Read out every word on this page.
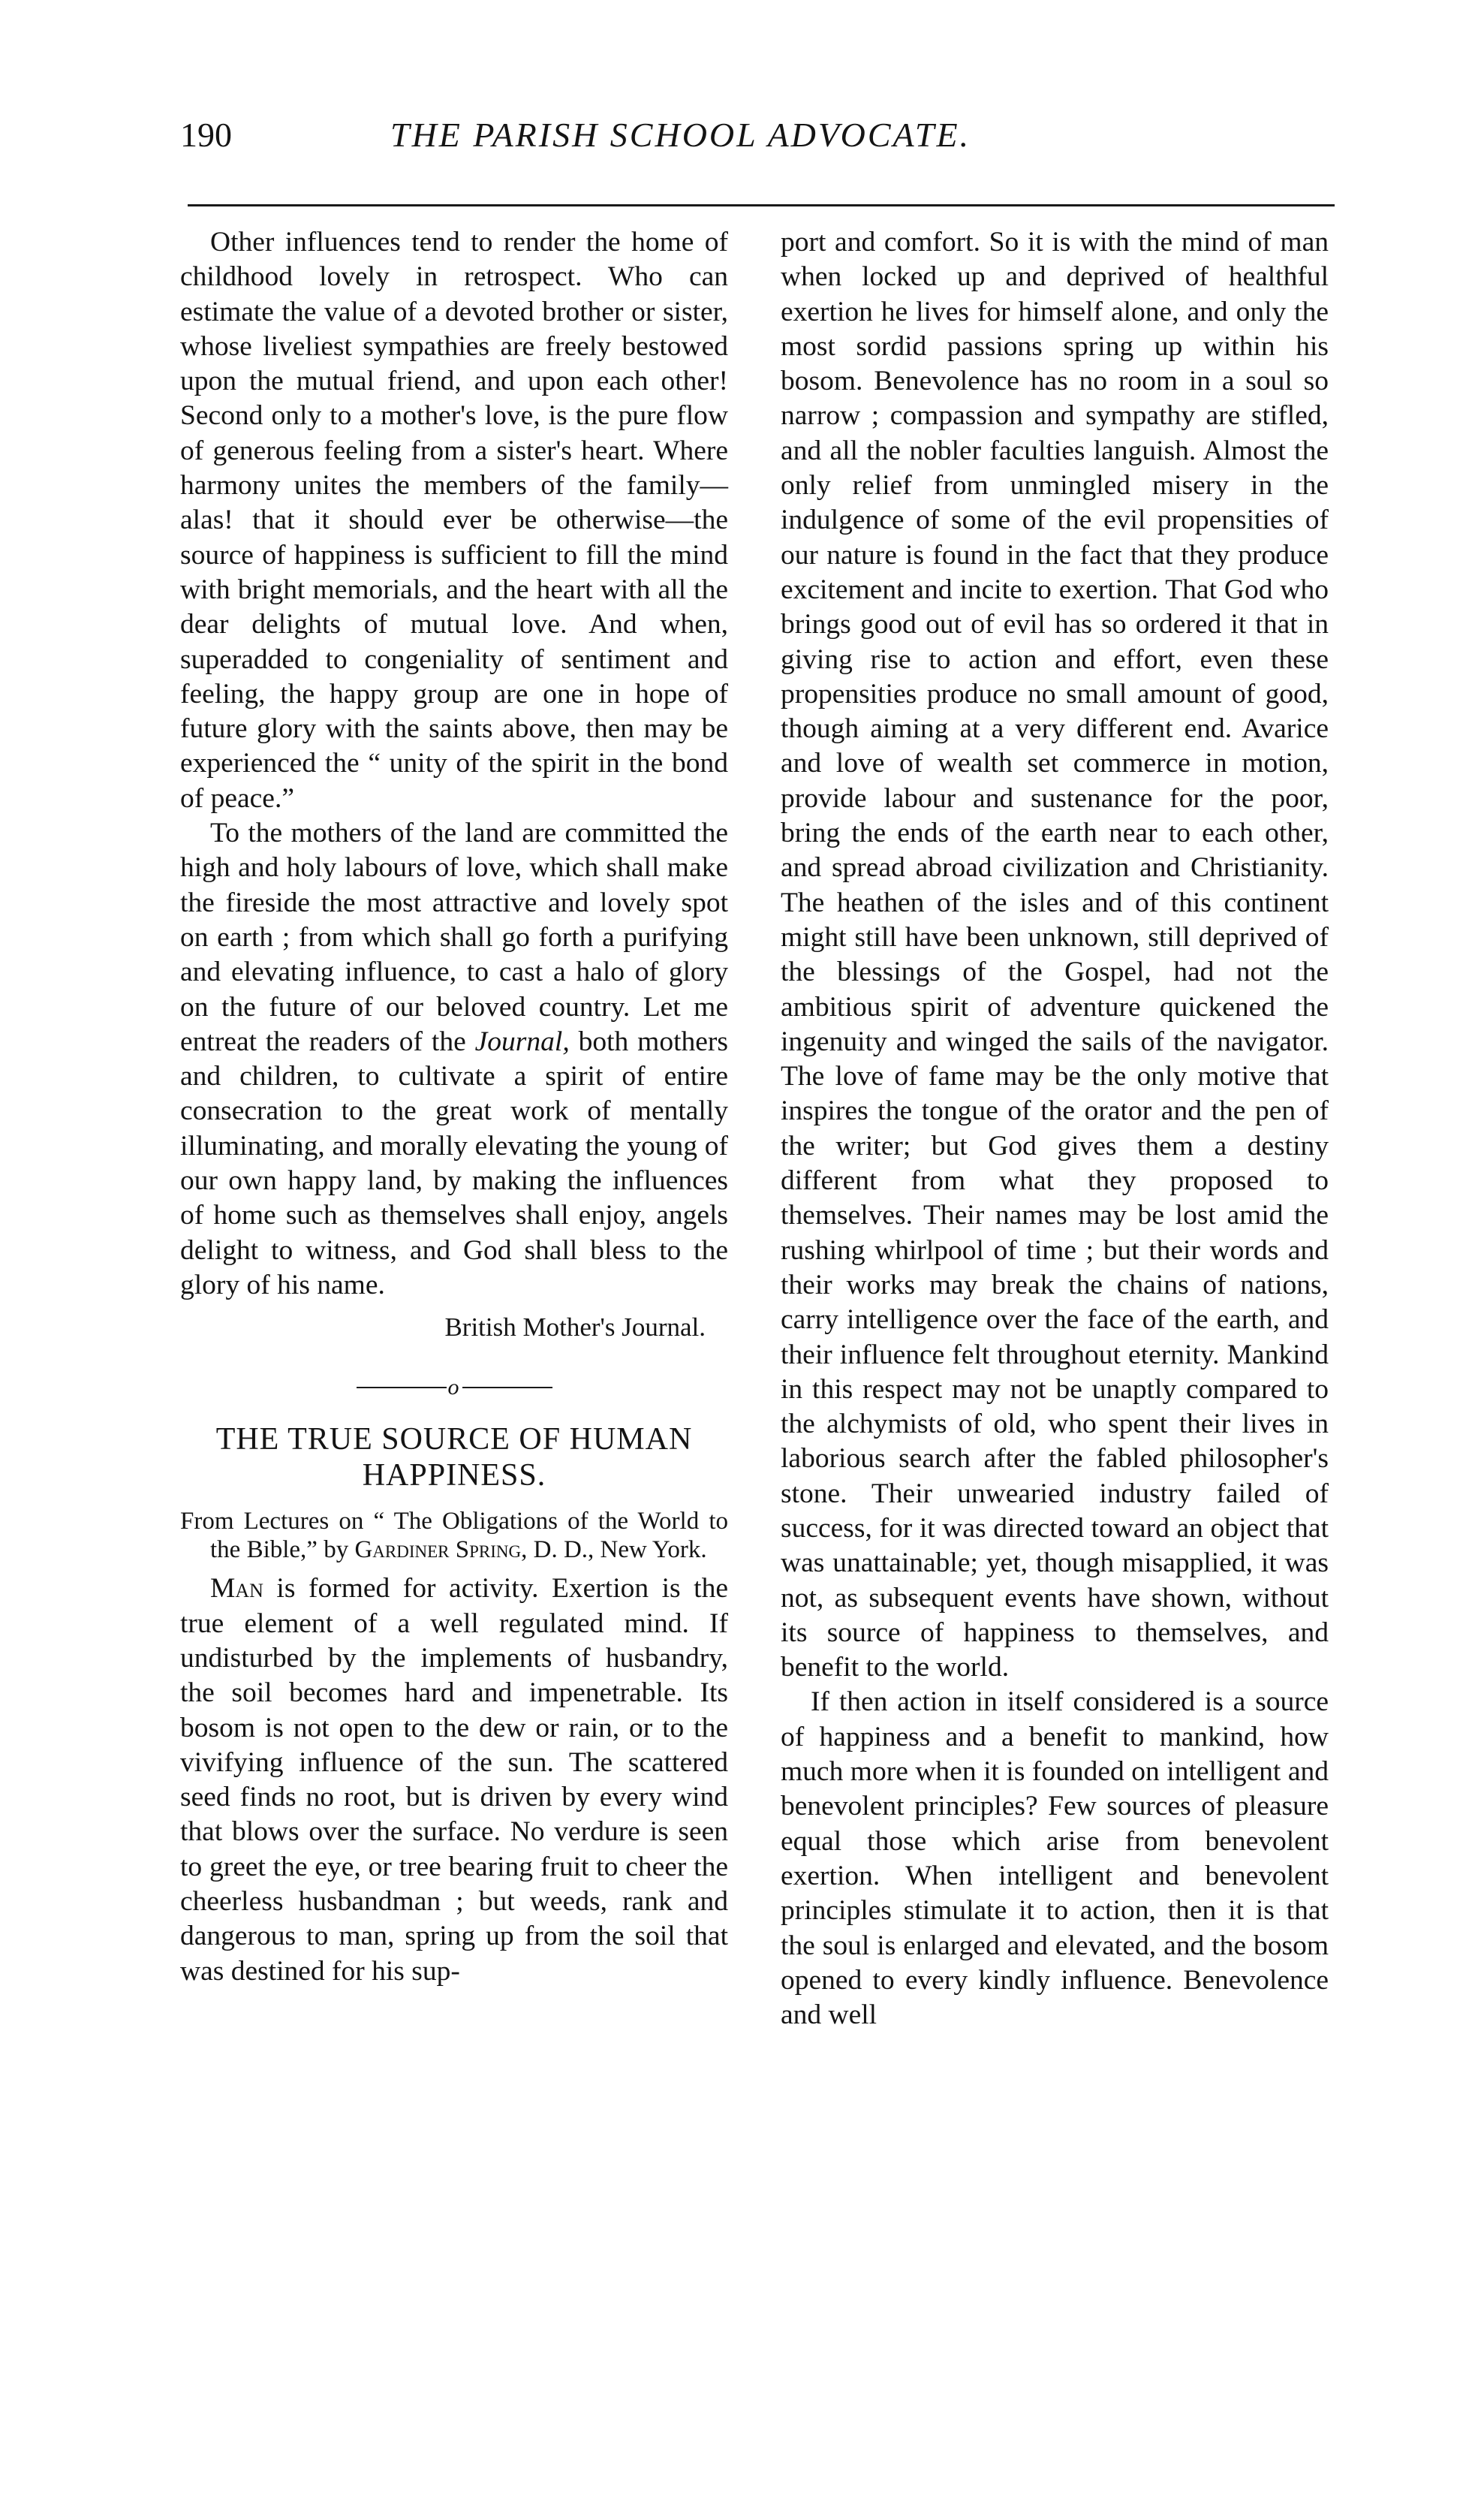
190	THE PARISH SCHOOL ADVOCATE.

Other influences tend to render the home of childhood lovely in retrospect. Who can estimate the value of a devoted brother or sister, whose liveliest sympathies are freely bestowed upon the mutual friend, and upon each other! Second only to a mother's love, is the pure flow of generous feeling from a sister's heart. Where harmony unites the members of the family—alas! that it should ever be otherwise—the source of happiness is sufficient to fill the mind with bright memorials, and the heart with all the dear delights of mutual love. And when, superadded to congeniality of sentiment and feeling, the happy group are one in hope of future glory with the saints above, then may be experienced the “ unity of the spirit in the bond of peace.”

To the mothers of the land are committed the high and holy labours of love, which shall make the fireside the most attractive and lovely spot on earth ; from which shall go forth a purifying and elevating influence, to cast a halo of glory on the future of our beloved country. Let me entreat the readers of the Journal, both mothers and children, to cultivate a spirit of entire consecration to the great work of mentally illuminating, and morally elevating the young of our own happy land, by making the influences of home such as themselves shall enjoy, angels delight to witness, and God shall bless to the glory of his name.

British Mother's Journal.
o
THE TRUE SOURCE OF HUMAN HAPPINESS.
From Lectures on “ The Obligations of the World to the Bible,” by Gardiner Spring, D. D., New York.

Man is formed for activity. Exertion is the true element of a well regulated mind. If undisturbed by the implements of husbandry, the soil becomes hard and impenetrable. Its bosom is not open to the dew or rain, or to the vivifying influence of the sun. The scattered seed finds no root, but is driven by every wind that blows over the surface. No verdure is seen to greet the eye, or tree bearing fruit to cheer the cheerless husbandman ; but weeds, rank and dangerous to man, spring up from the soil that was destined for his sup-

port and comfort. So it is with the mind of man when locked up and deprived of healthful exertion he lives for himself alone, and only the most sordid passions spring up within his bosom. Benevolence has no room in a soul so narrow ; compassion and sympathy are stifled, and all the nobler faculties languish. Almost the only relief from unmingled misery in the indulgence of some of the evil propensities of our nature is found in the fact that they produce excitement and incite to exertion. That God who brings good out of evil has so ordered it that in giving rise to action and effort, even these propensities produce no small amount of good, though aiming at a very different end. Avarice and love of wealth set commerce in motion, provide labour and sustenance for the poor, bring the ends of the earth near to each other, and spread abroad civilization and Christianity. The heathen of the isles and of this continent might still have been unknown, still deprived of the blessings of the Gospel, had not the ambitious spirit of adventure quickened the ingenuity and winged the sails of the navigator. The love of fame may be the only motive that inspires the tongue of the orator and the pen of the writer; but God gives them a destiny different from what they proposed to themselves. Their names may be lost amid the rushing whirlpool of time ; but their words and their works may break the chains of nations, carry intelligence over the face of the earth, and their influence felt throughout eternity. Mankind in this respect may not be unaptly compared to the alchymists of old, who spent their lives in laborious search after the fabled philosopher's stone. Their unwearied industry failed of success, for it was directed toward an object that was unattainable; yet, though misapplied, it was not, as subsequent events have shown, without its source of happiness to themselves, and benefit to the world.

If then action in itself considered is a source of happiness and a benefit to mankind, how much more when it is founded on intelligent and benevolent principles? Few sources of pleasure equal those which arise from benevolent exertion. When intelligent and benevolent principles stimulate it to action, then it is that the soul is enlarged and elevated, and the bosom opened to every kindly influence. Benevolence and well
